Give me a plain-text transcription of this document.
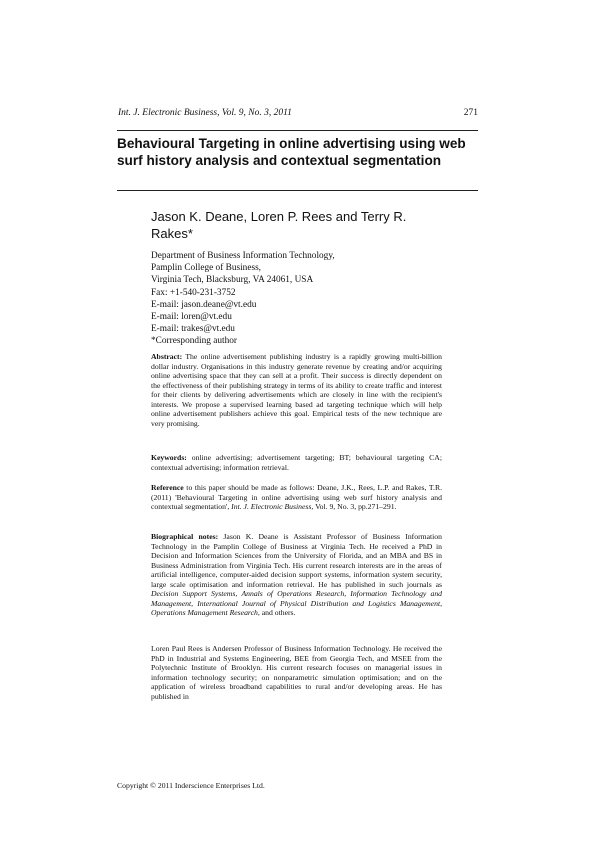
Int. J. Electronic Business, Vol. 9, No. 3, 2011	271
Behavioural Targeting in online advertising using web surf history analysis and contextual segmentation
Jason K. Deane, Loren P. Rees and Terry R. Rakes*
Department of Business Information Technology,
Pamplin College of Business,
Virginia Tech, Blacksburg, VA 24061, USA
Fax: +1-540-231-3752
E-mail: jason.deane@vt.edu
E-mail: loren@vt.edu
E-mail: trakes@vt.edu
*Corresponding author
Abstract: The online advertisement publishing industry is a rapidly growing multi-billion dollar industry. Organisations in this industry generate revenue by creating and/or acquiring online advertising space that they can sell at a profit. Their success is directly dependent on the effectiveness of their publishing strategy in terms of its ability to create traffic and interest for their clients by delivering advertisements which are closely in line with the recipient's interests. We propose a supervised learning based ad targeting technique which will help online advertisement publishers achieve this goal. Empirical tests of the new technique are very promising.
Keywords: online advertising; advertisement targeting; BT; behavioural targeting CA; contextual advertising; information retrieval.
Reference to this paper should be made as follows: Deane, J.K., Rees, L.P. and Rakes, T.R. (2011) 'Behavioural Targeting in online advertising using web surf history analysis and contextual segmentation', Int. J. Electronic Business, Vol. 9, No. 3, pp.271–291.
Biographical notes: Jason K. Deane is Assistant Professor of Business Information Technology in the Pamplin College of Business at Virginia Tech. He received a PhD in Decision and Information Sciences from the University of Florida, and an MBA and BS in Business Administration from Virginia Tech. His current research interests are in the areas of artificial intelligence, computer-aided decision support systems, information system security, large scale optimisation and information retrieval. He has published in such journals as Decision Support Systems, Annals of Operations Research, Information Technology and Management, International Journal of Physical Distribution and Logistics Management, Operations Management Research, and others.
Loren Paul Rees is Andersen Professor of Business Information Technology. He received the PhD in Industrial and Systems Engineering, BEE from Georgia Tech, and MSEE from the Polytechnic Institute of Brooklyn. His current research focuses on managerial issues in information technology security; on nonparametric simulation optimisation; and on the application of wireless broadband capabilities to rural and/or developing areas. He has published in
Copyright © 2011 Inderscience Enterprises Ltd.
